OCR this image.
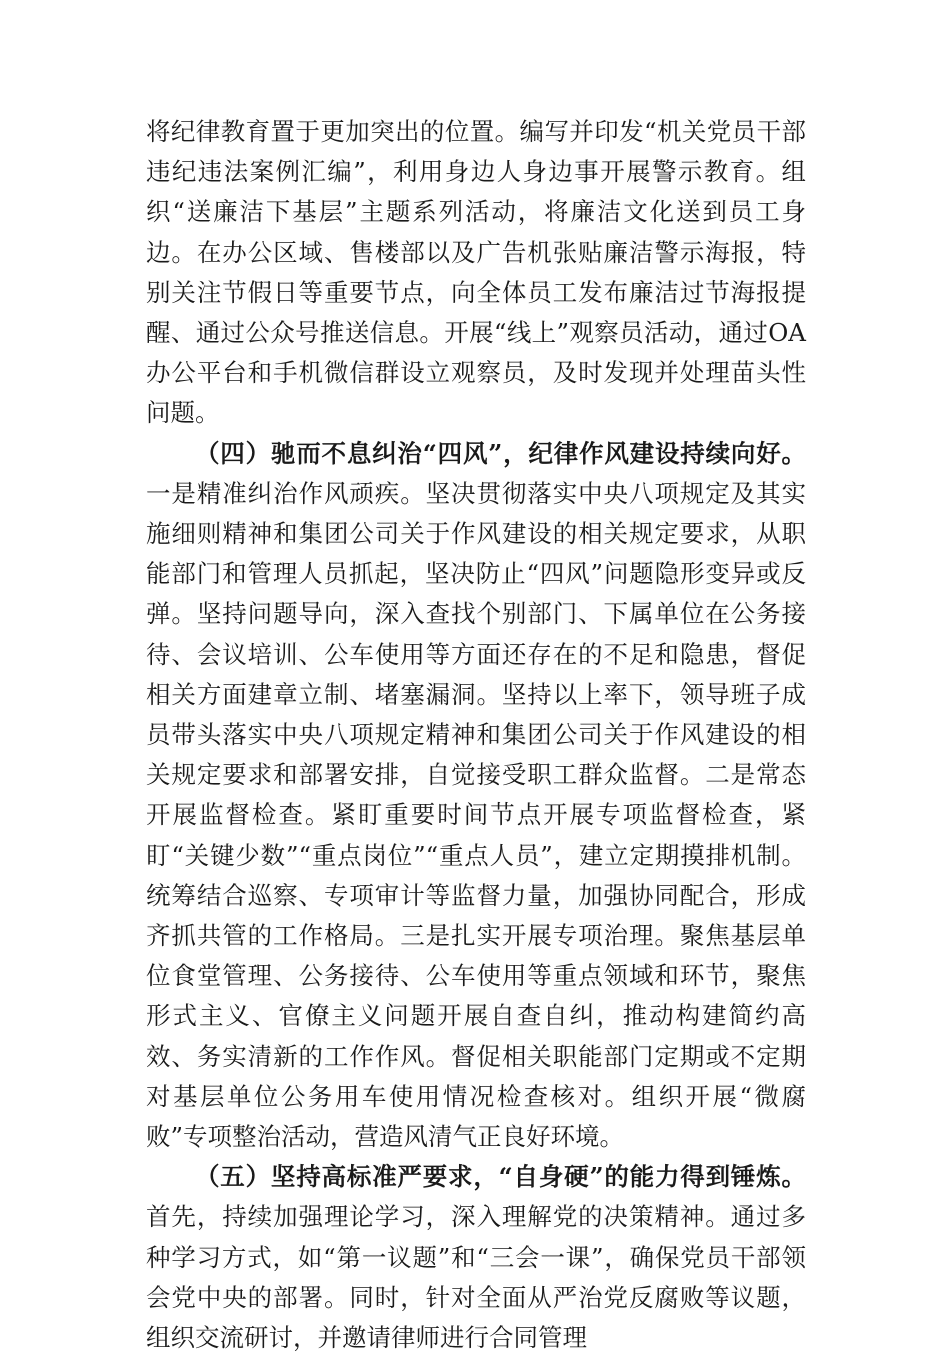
将纪律教育置于更加突出的位置。编写并印发“机关党员干部违纪违法案例汇编”，利用身边人身边事开展警示教育。组织“送廉洁下基层”主题系列活动，将廉洁文化送到员工身边。在办公区域、售楼部以及广告机张贴廉洁警示海报，特别关注节假日等重要节点，向全体员工发布廉洁过节海报提醒、通过公众号推送信息。开展“线上”观察员活动，通过OA办公平台和手机微信群设立观察员，及时发现并处理苗头性问题。

（四）驰而不息纠治“四风”，纪律作风建设持续向好。一是精准纠治作风顽疾。坚决贯彻落实中央八项规定及其实施细则精神和集团公司关于作风建设的相关规定要求，从职能部门和管理人员抓起，坚决防止“四风”问题隐形变异或反弹。坚持问题导向，深入查找个别部门、下属单位在公务接待、会议培训、公车使用等方面还存在的不足和隐患，督促相关方面建章立制、堵塞漏洞。坚持以上率下，领导班子成员带头落实中央八项规定精神和集团公司关于作风建设的相关规定要求和部署安排，自觉接受职工群众监督。二是常态开展监督检查。紧盯重要时间节点开展专项监督检查，紧盯“关键少数”“重点岗位”“重点人员”，建立定期摸排机制。统筹结合巡察、专项审计等监督力量，加强协同配合，形成齐抓共管的工作格局。三是扎实开展专项治理。聚焦基层单位食堂管理、公务接待、公车使用等重点领域和环节，聚焦形式主义、官僚主义问题开展自查自纠，推动构建简约高效、务实清新的工作作风。督促相关职能部门定期或不定期对基层单位公务用车使用情况检查核对。组织开展“微腐败”专项整治活动，营造风清气正良好环境。

（五）坚持高标准严要求，“自身硬”的能力得到锤炼。首先，持续加强理论学习，深入理解党的决策精神。通过多种学习方式，如“第一议题”和“三会一课”，确保党员干部领会党中央的部署。同时，针对全面从严治党反腐败等议题，组织交流研讨，并邀请律师进行合同管理
